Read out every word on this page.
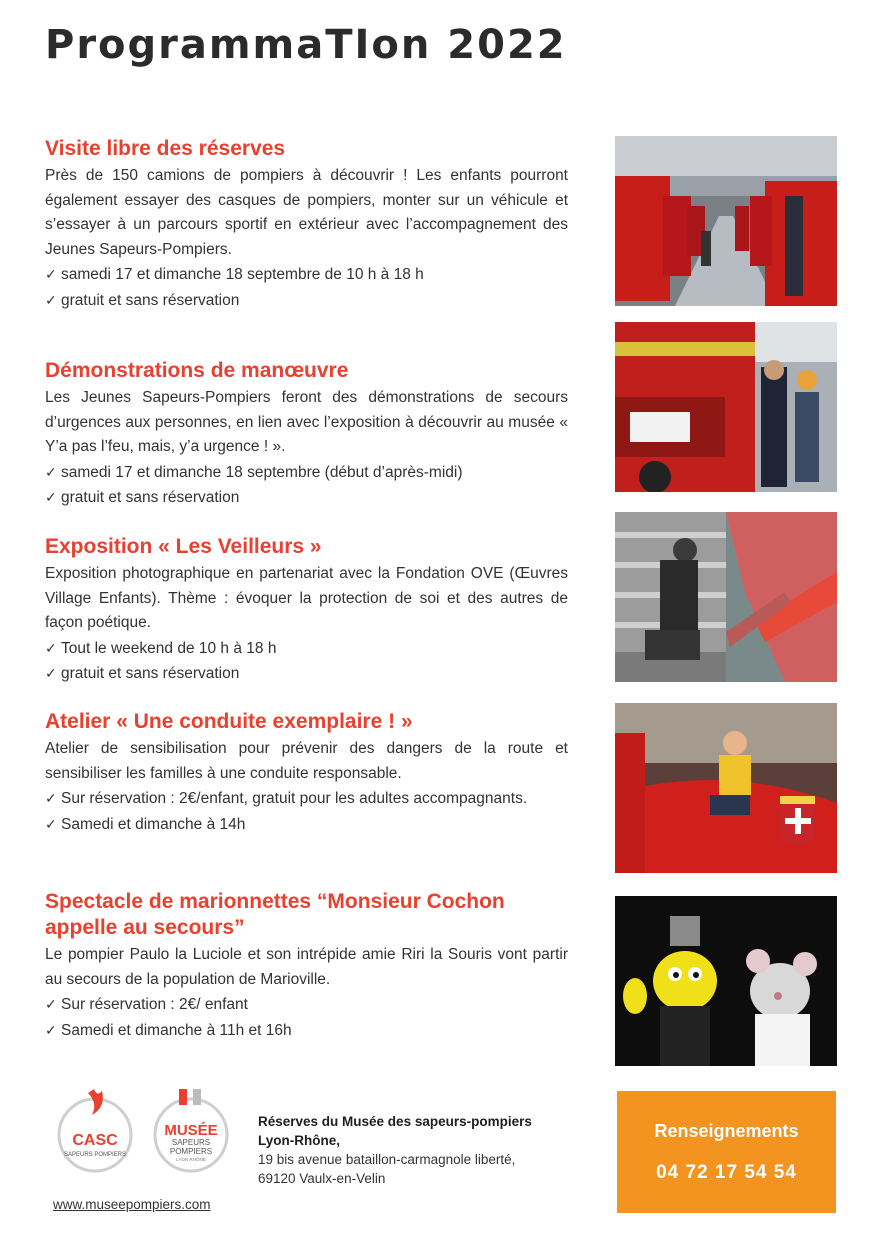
ProgrammaTIon 2022
Visite libre des réserves

Près de 150 camions de pompiers à découvrir ! Les enfants pourront également essayer des casques de pompiers, monter sur un véhicule et s’essayer à un parcours sportif en extérieur avec l’accompagnement des Jeunes Sapeurs-Pompiers.

✓ samedi 17 et dimanche 18 septembre de 10 h à 18 h
✓ gratuit et sans réservation
Démonstrations de manœuvre

Les Jeunes Sapeurs-Pompiers feront des démonstrations de secours d’urgences aux personnes, en lien avec l’exposition à découvrir au musée « Y’a pas l’feu, mais, y’a urgence ! ».

✓ samedi 17 et dimanche 18 septembre (début d’après-midi)
✓ gratuit et sans réservation
Exposition « Les Veilleurs »

Exposition photographique en partenariat avec la Fondation OVE (Œuvres Village Enfants). Thème : évoquer la protection de soi et des autres de façon poétique.

✓ Tout le weekend de 10 h à 18 h
✓ gratuit et sans réservation
Atelier « Une conduite exemplaire ! »

Atelier de sensibilisation pour prévenir des dangers de la route et sensibiliser les familles à une conduite responsable.

✓ Sur réservation : 2€/enfant, gratuit pour les adultes accompagnants.
✓ Samedi et dimanche à 14h
Spectacle de marionnettes “Monsieur Cochon appelle au secours”

Le pompier Paulo la Luciole et son intrépide amie Riri la Souris vont partir au secours de la population de Marioville.

✓ Sur réservation : 2€/ enfant
✓ Samedi et dimanche à 11h et 16h
CASC
SAPEURS POMPIERS
MUSÉE
SAPEURS
POMPIERS
LYON RHÔNE
www.museepompiers.com
Réserves du Musée des sapeurs-pompiers
Lyon-Rhône,
19 bis avenue bataillon-carmagnole liberté,
69120 Vaulx-en-Velin
Renseignements
04 72 17 54 54
